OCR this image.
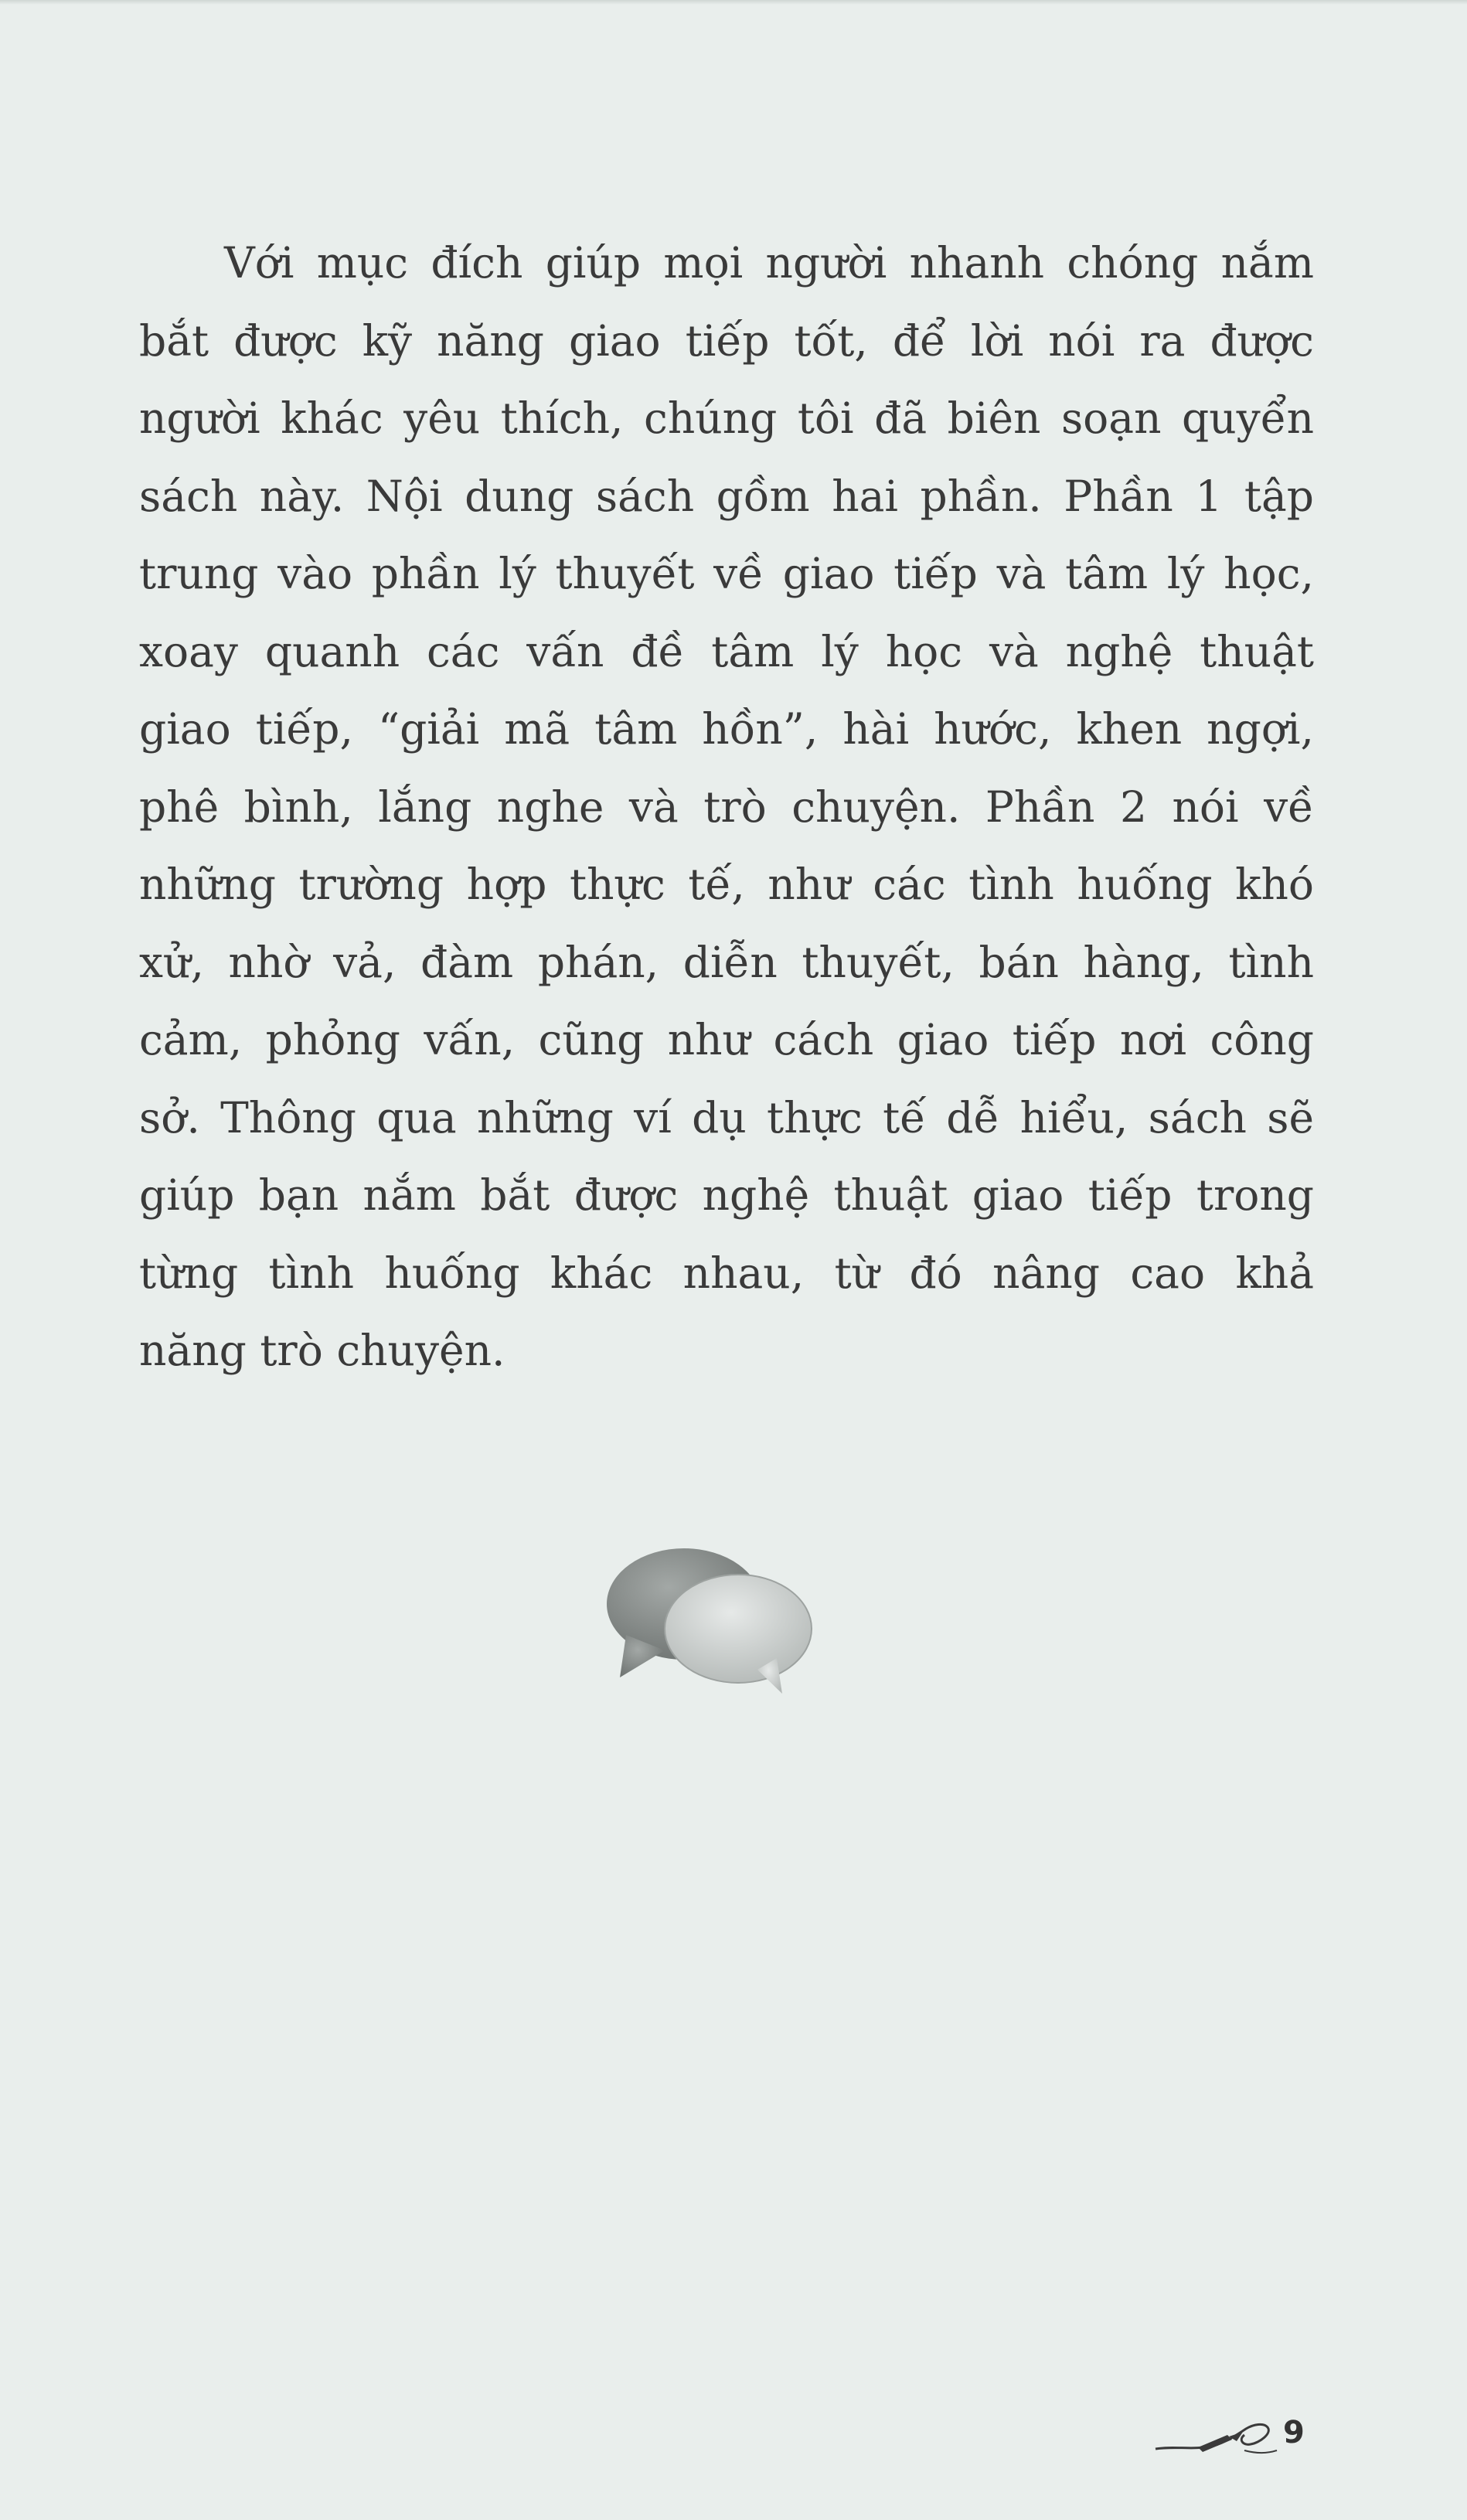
Với mục đích giúp mọi người nhanh chóng nắm
bắt được kỹ năng giao tiếp tốt, để lời nói ra được
người khác yêu thích, chúng tôi đã biên soạn quyển
sách này. Nội dung sách gồm hai phần. Phần 1 tập
trung vào phần lý thuyết về giao tiếp và tâm lý học,
xoay quanh các vấn đề tâm lý học và nghệ thuật
giao tiếp, “giải mã tâm hồn”, hài hước, khen ngợi,
phê bình, lắng nghe và trò chuyện. Phần 2 nói về
những trường hợp thực tế, như các tình huống khó
xử, nhờ vả, đàm phán, diễn thuyết, bán hàng, tình
cảm, phỏng vấn, cũng như cách giao tiếp nơi công
sở. Thông qua những ví dụ thực tế dễ hiểu, sách sẽ
giúp bạn nắm bắt được nghệ thuật giao tiếp trong
từng tình huống khác nhau, từ đó nâng cao khả
năng trò chuyện.
9
